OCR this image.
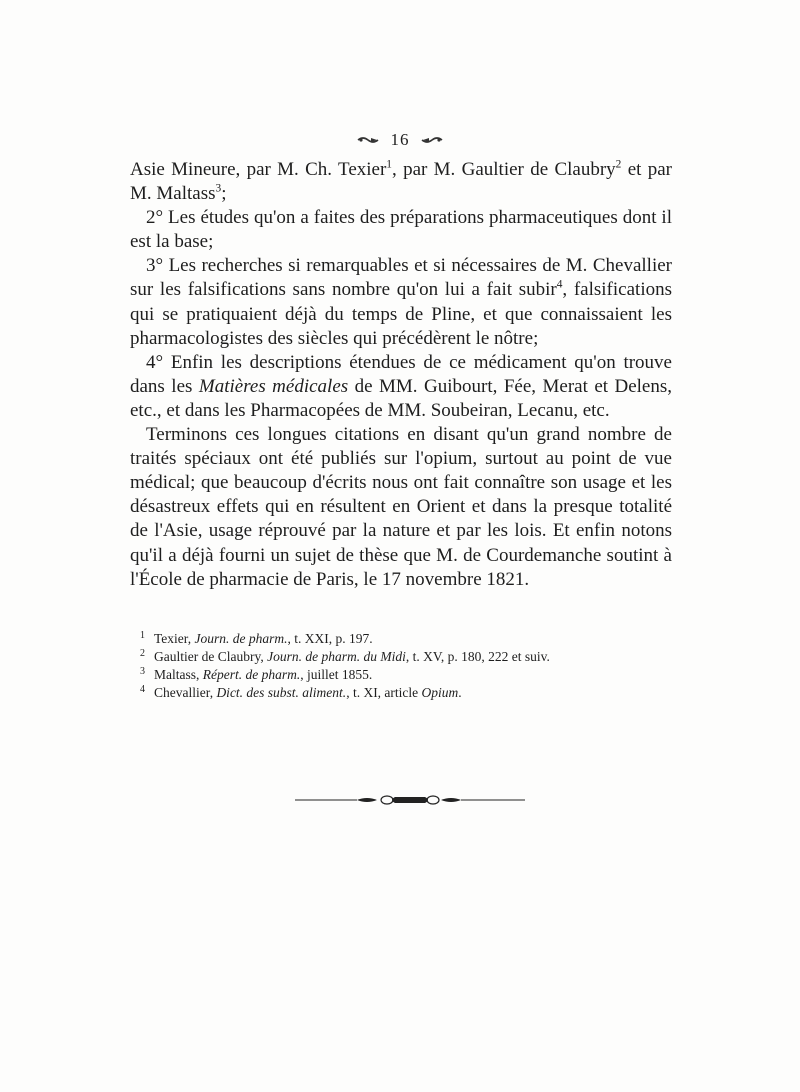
16

Asie Mineure, par M. Ch. Texier$^1$, par M. Gaultier de Claubry$^2$ et par M. Maltass$^3$;

2° Les études qu'on a faites des préparations pharmaceutiques dont il est la base;

3° Les recherches si remarquables et si nécessaires de M. Chevallier sur les falsifications sans nombre qu'on lui a fait subir$^4$, falsifications qui se pratiquaient déjà du temps de Pline, et que connaissaient les pharmacologistes des siècles qui précédèrent le nôtre;

4° Enfin les descriptions étendues de ce médicament qu'on trouve dans les Matières médicales de MM. Guibourt, Fée, Merat et Delens, etc., et dans les Pharmacopées de MM. Soubeiran, Lecanu, etc.

Terminons ces longues citations en disant qu'un grand nombre de traités spéciaux ont été publiés sur l'opium, surtout au point de vue médical; que beaucoup d'écrits nous ont fait connaître son usage et les désastreux effets qui en résultent en Orient et dans la presque totalité de l'Asie, usage réprouvé par la nature et par les lois. Et enfin notons qu'il a déjà fourni un sujet de thèse que M. de Courdemanche soutint à l'École de pharmacie de Paris, le 17 novembre 1821.

1 Texier, Journ. de pharm., t. XXI, p. 197.
2 Gaultier de Claubry, Journ. de pharm. du Midi, t. XV, p. 180, 222 et suiv.
3 Maltass, Répert. de pharm., juillet 1855.
4 Chevallier, Dict. des subst. aliment., t. XI, article Opium.
